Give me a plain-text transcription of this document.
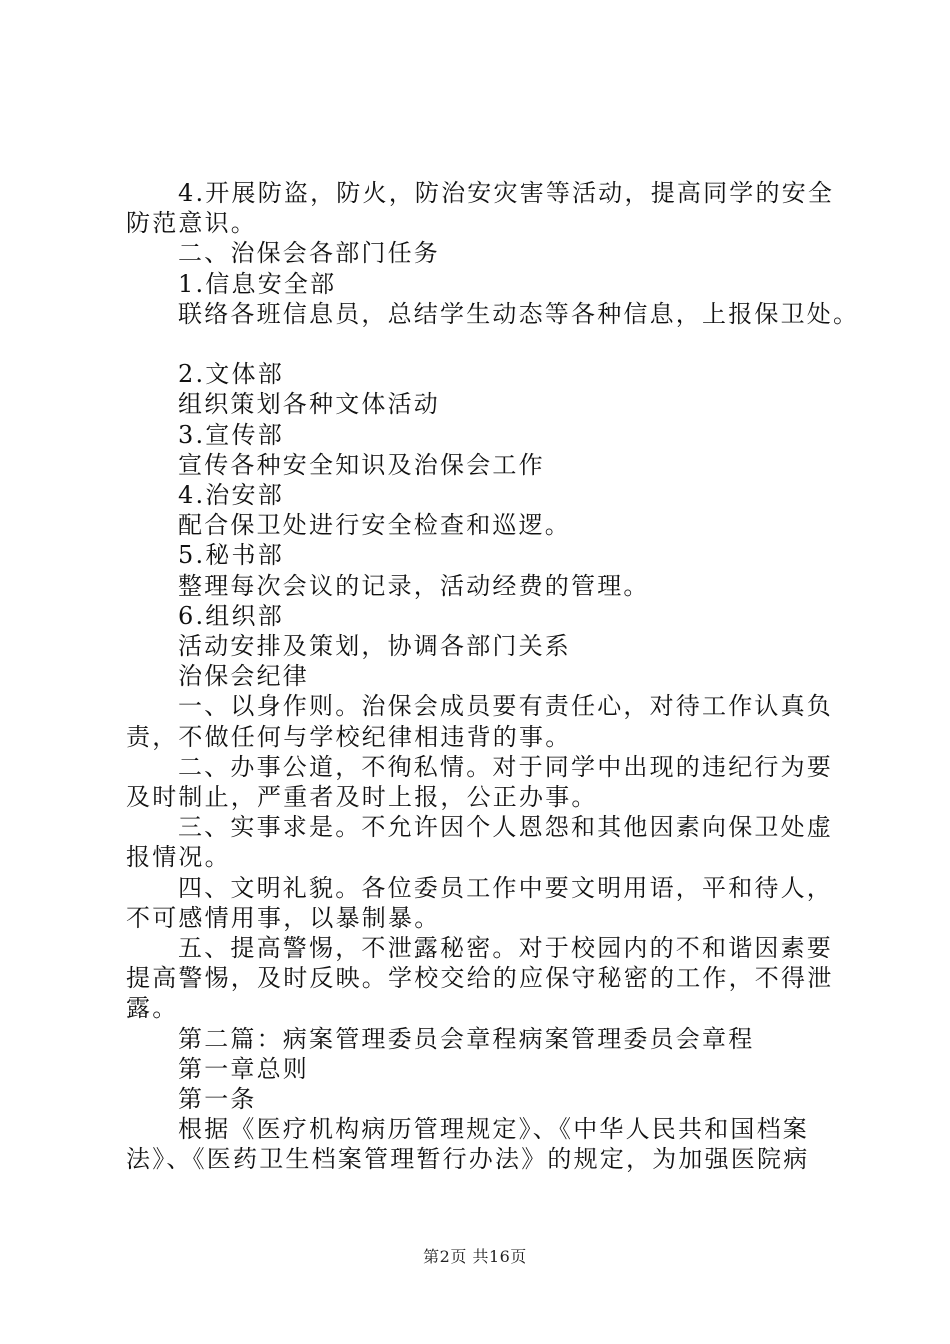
4.开展防盗，防火，防治安灾害等活动，提高同学的安全
防范意识。
二、治保会各部门任务
1.信息安全部
联络各班信息员，总结学生动态等各种信息，上报保卫处。
2.文体部
组织策划各种文体活动
3.宣传部
宣传各种安全知识及治保会工作
4.治安部
配合保卫处进行安全检查和巡逻。
5.秘书部
整理每次会议的记录，活动经费的管理。
6.组织部
活动安排及策划，协调各部门关系
治保会纪律
一、以身作则。治保会成员要有责任心，对待工作认真负
责，不做任何与学校纪律相违背的事。
二、办事公道，不徇私情。对于同学中出现的违纪行为要
及时制止，严重者及时上报，公正办事。
三、实事求是。不允许因个人恩怨和其他因素向保卫处虚
报情况。
四、文明礼貌。各位委员工作中要文明用语，平和待人，
不可感情用事，以暴制暴。
五、提高警惕，不泄露秘密。对于校园内的不和谐因素要
提高警惕，及时反映。学校交给的应保守秘密的工作，不得泄
露。
第二篇：病案管理委员会章程病案管理委员会章程
第一章总则
第一条
根据《医疗机构病历管理规定》、《中华人民共和国档案
法》、《医药卫生档案管理暂行办法》的规定，为加强医院病
第2页 共16页
